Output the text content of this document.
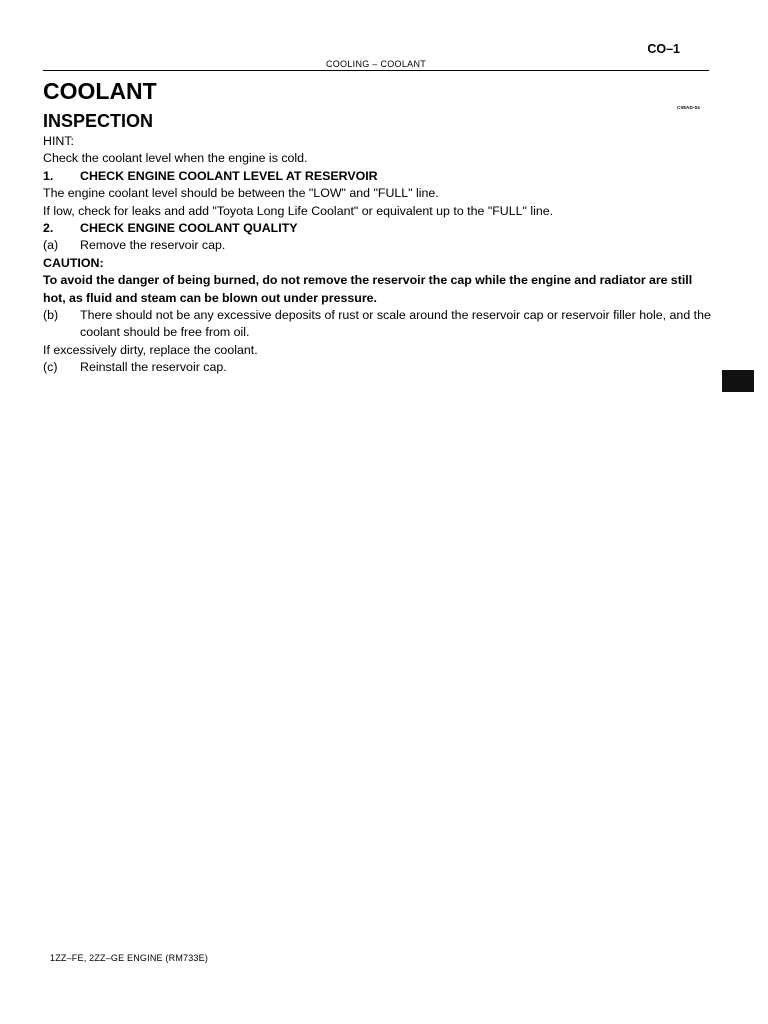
CO–1
COOLING – COOLANT
COOLANT
C08AD-04
INSPECTION
HINT:
Check the coolant level when the engine is cold.
1.	CHECK ENGINE COOLANT LEVEL AT RESERVOIR
The engine coolant level should be between the "LOW" and "FULL" line.
If low, check for leaks and add "Toyota Long Life Coolant" or equivalent up to the "FULL" line.
2.	CHECK ENGINE COOLANT QUALITY
(a)	Remove the reservoir cap.
CAUTION:
To avoid the danger of being burned, do not remove the reservoir the cap while the engine and radiator are still hot, as fluid and steam can be blown out under pressure.
(b)	There should not be any excessive deposits of rust or scale around the reservoir cap or reservoir filler hole, and the coolant should be free from oil.
If excessively dirty, replace the coolant.
(c)	Reinstall the reservoir cap.
1ZZ–FE, 2ZZ–GE ENGINE (RM733E)
